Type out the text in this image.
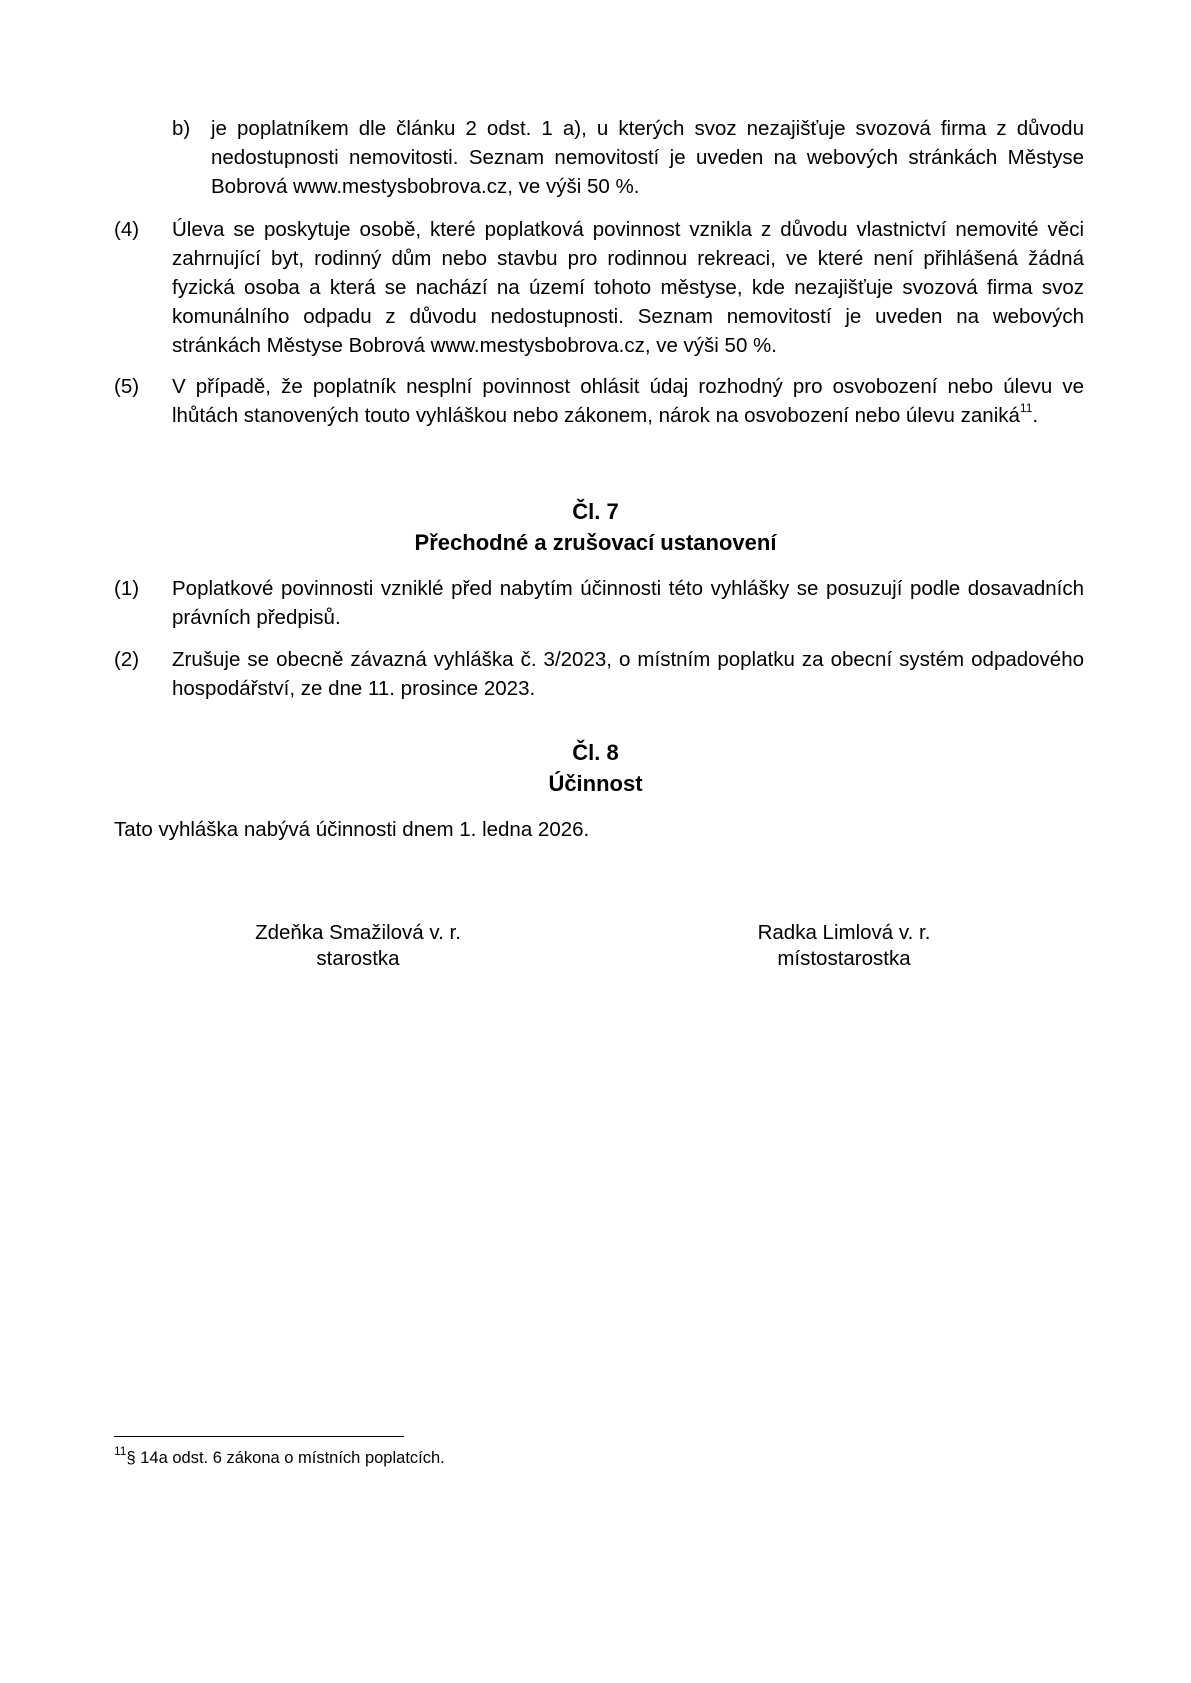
b)	je poplatníkem dle článku 2 odst. 1 a), u kterých svoz nezajišťuje svozová firma z důvodu nedostupnosti nemovitosti. Seznam nemovitostí je uveden na webových stránkách Městyse Bobrová www.mestysbobrova.cz, ve výši 50 %.
(4)	Úleva se poskytuje osobě, které poplatková povinnost vznikla z důvodu vlastnictví nemovité věci zahrnující byt, rodinný dům nebo stavbu pro rodinnou rekreaci, ve které není přihlášená žádná fyzická osoba a která se nachází na území tohoto městyse, kde nezajišťuje svozová firma svoz komunálního odpadu z důvodu nedostupnosti. Seznam nemovitostí je uveden na webových stránkách Městyse Bobrová www.mestysbobrova.cz, ve výši 50 %.
(5)	V případě, že poplatník nesplní povinnost ohlásit údaj rozhodný pro osvobození nebo úlevu ve lhůtách stanovených touto vyhláškou nebo zákonem, nárok na osvobození nebo úlevu zaniká$^{11}$.
Čl. 7
Přechodné a zrušovací ustanovení
(1)	Poplatkové povinnosti vzniklé před nabytím účinnosti této vyhlášky se posuzují podle dosavadních právních předpisů.
(2)	Zrušuje se obecně závazná vyhláška č. 3/2023, o místním poplatku za obecní systém odpadového hospodářství, ze dne 11. prosince 2023.
Čl. 8
Účinnost
Tato vyhláška nabývá účinnosti dnem 1. ledna 2026.
Zdeňka Smažilová v. r.
starostka
Radka Limlová v. r.
místostarostka
$^{11}$§ 14a odst. 6 zákona o místních poplatcích.
